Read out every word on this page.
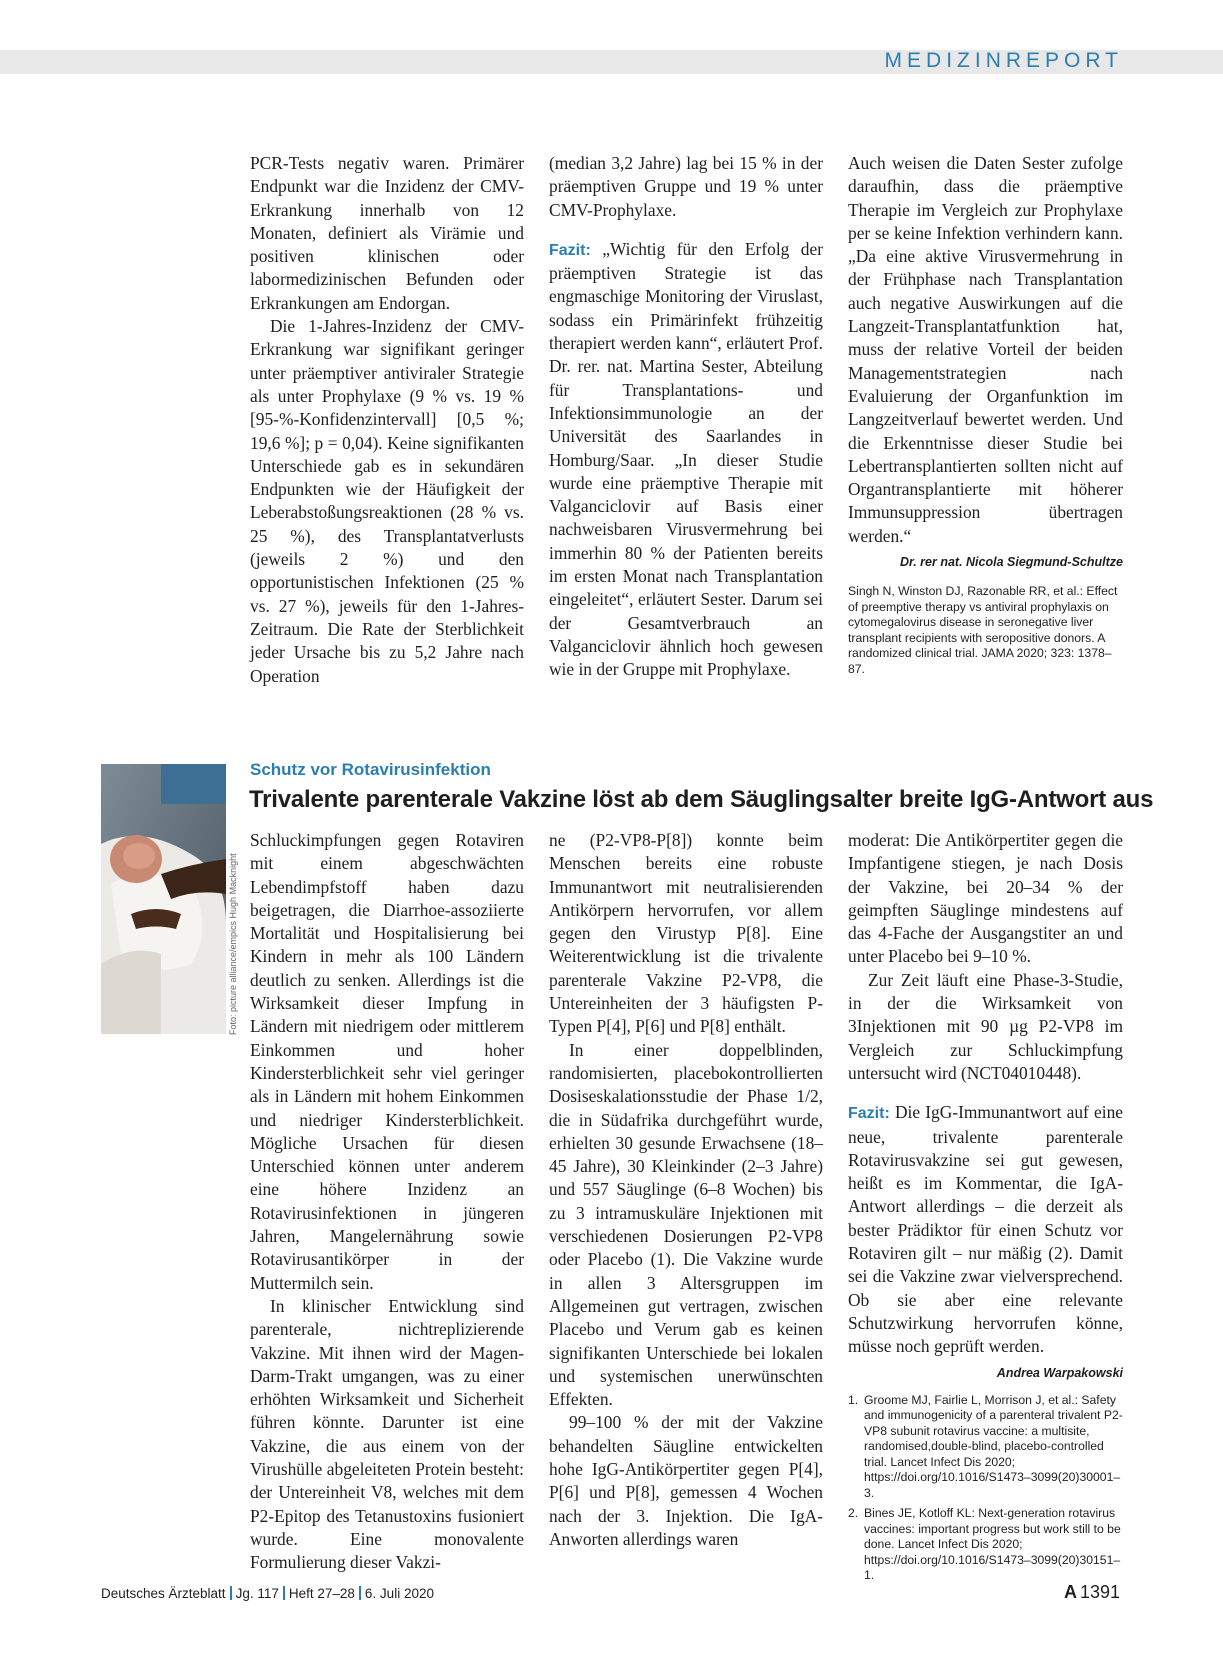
MEDIZINREPORT

PCR-Tests negativ waren. Primärer Endpunkt war die Inzidenz der CMV-Erkrankung innerhalb von 12 Monaten, definiert als Virämie und positiven klinischen oder labormedizinischen Befunden oder Erkrankungen am Endorgan.

Die 1-Jahres-Inzidenz der CMV-Erkrankung war signifikant geringer unter präemptiver antiviraler Strategie als unter Prophylaxe (9 % vs. 19 % [95-%-Konfidenzintervall] [0,5 %; 19,6 %]; p = 0,04). Keine signifikanten Unterschiede gab es in sekundären Endpunkten wie der Häufigkeit der Leberabstoßungsreaktionen (28 % vs. 25 %), des Transplantatverlusts (jeweils 2 %) und den opportunistischen Infektionen (25 % vs. 27 %), jeweils für den 1-Jahres-Zeitraum. Die Rate der Sterblichkeit jeder Ursache bis zu 5,2 Jahre nach Operation

(median 3,2 Jahre) lag bei 15 % in der präemptiven Gruppe und 19 % unter CMV-Prophylaxe.

Fazit: „Wichtig für den Erfolg der präemptiven Strategie ist das engmaschige Monitoring der Viruslast, sodass ein Primärinfekt frühzeitig therapiert werden kann“, erläutert Prof. Dr. rer. nat. Martina Sester, Abteilung für Transplantations- und Infektionsimmunologie an der Universität des Saarlandes in Homburg/Saar. „In dieser Studie wurde eine präemptive Therapie mit Valganciclovir auf Basis einer nachweisbaren Virusvermehrung bei immerhin 80 % der Patienten bereits im ersten Monat nach Transplantation eingeleitet“, erläutert Sester. Darum sei der Gesamtverbrauch an Valganciclovir ähnlich hoch gewesen wie in der Gruppe mit Prophylaxe.

Auch weisen die Daten Sester zufolge daraufhin, dass die präemptive Therapie im Vergleich zur Prophylaxe per se keine Infektion verhindern kann. „Da eine aktive Virusvermehrung in der Frühphase nach Transplantation auch negative Auswirkungen auf die Langzeit-Transplantatfunktion hat, muss der relative Vorteil der beiden Managementstrategien nach Evaluierung der Organfunktion im Langzeitverlauf bewertet werden. Und die Erkenntnisse dieser Studie bei Lebertransplantierten sollten nicht auf Organtransplantierte mit höherer Immunsuppression übertragen werden.“
Dr. rer nat. Nicola Siegmund-Schultze

Singh N, Winston DJ, Razonable RR, et al.: Effect of preemptive therapy vs antiviral prophylaxis on cytomegalovirus disease in seronegative liver transplant recipients with seropositive donors. A randomized clinical trial. JAMA 2020; 323: 1378–87.
Foto: picture alliance/empics Hugh Macknight
Schutz vor Rotavirusinfektion
Trivalente parenterale Vakzine löst ab dem Säuglingsalter breite IgG-Antwort aus

Schluckimpfungen gegen Rotaviren mit einem abgeschwächten Lebendimpfstoff haben dazu beigetragen, die Diarrhoe-assoziierte Mortalität und Hospitalisierung bei Kindern in mehr als 100 Ländern deutlich zu senken. Allerdings ist die Wirksamkeit dieser Impfung in Ländern mit niedrigem oder mittlerem Einkommen und hoher Kindersterblichkeit sehr viel geringer als in Ländern mit hohem Einkommen und niedriger Kindersterblichkeit. Mögliche Ursachen für diesen Unterschied können unter anderem eine höhere Inzidenz an Rotavirusinfektionen in jüngeren Jahren, Mangelernährung sowie Rotavirusantikörper in der Muttermilch sein.

In klinischer Entwicklung sind parenterale, nichtreplizierende Vakzine. Mit ihnen wird der Magen-Darm-Trakt umgangen, was zu einer erhöhten Wirksamkeit und Sicherheit führen könnte. Darunter ist eine Vakzine, die aus einem von der Virushülle abgeleiteten Protein besteht: der Untereinheit V8, welches mit dem P2-Epitop des Tetanustoxins fusioniert wurde. Eine monovalente Formulierung dieser Vakzi-

ne (P2-VP8-P[8]) konnte beim Menschen bereits eine robuste Immunantwort mit neutralisierenden Antikörpern hervorrufen, vor allem gegen den Virustyp P[8]. Eine Weiterentwicklung ist die trivalente parenterale Vakzine P2-VP8, die Untereinheiten der 3 häufigsten P-Typen P[4], P[6] und P[8] enthält.

In einer doppelblinden, randomisierten, placebokontrollierten Dosiseskalationsstudie der Phase 1/2, die in Südafrika durchgeführt wurde, erhielten 30 gesunde Erwachsene (18–45 Jahre), 30 Kleinkinder (2–3 Jahre) und 557 Säuglinge (6–8 Wochen) bis zu 3 intramuskuläre Injektionen mit verschiedenen Dosierungen P2-VP8 oder Placebo (1). Die Vakzine wurde in allen 3 Altersgruppen im Allgemeinen gut vertragen, zwischen Placebo und Verum gab es keinen signifikanten Unterschiede bei lokalen und systemischen unerwünschten Effekten.

99–100 % der mit der Vakzine behandelten Säugline entwickelten hohe IgG-Antikörpertiter gegen P[4], P[6] und P[8], gemessen 4 Wochen nach der 3. Injektion. Die IgA-Anworten allerdings waren

moderat: Die Antikörpertiter gegen die Impfantigene stiegen, je nach Dosis der Vakzine, bei 20–34 % der geimpften Säuglinge mindestens auf das 4-Fache der Ausgangstiter an und unter Placebo bei 9–10 %.

Zur Zeit läuft eine Phase-3-Studie, in der die Wirksamkeit von 3Injektionen mit 90 µg P2-VP8 im Vergleich zur Schluckimpfung untersucht wird (NCT04010448).

Fazit: Die IgG-Immunantwort auf eine neue, trivalente parenterale Rotavirusvakzine sei gut gewesen, heißt es im Kommentar, die IgA-Antwort allerdings – die derzeit als bester Prädiktor für einen Schutz vor Rotaviren gilt – nur mäßig (2). Damit sei die Vakzine zwar vielversprechend. Ob sie aber eine relevante Schutzwirkung hervorrufen könne, müsse noch geprüft werden.
Andrea Warpakowski

1. Groome MJ, Fairlie L, Morrison J, et al.: Safety and immunogenicity of a parenteral trivalent P2-VP8 subunit rotavirus vaccine: a multisite, randomised,double-blind, placebo-controlled trial. Lancet Infect Dis 2020; https://doi.org/10.1016/S1473–3099(20)30001–3.
2. Bines JE, Kotloff KL: Next-generation rotavirus vaccines: important progress but work still to be done. Lancet Infect Dis 2020; https://doi.org/10.1016/S1473–3099(20)30151–1.
Deutsches Ärzteblatt Jg. 117 Heft 27–28 6. Juli 2020	A 1391
